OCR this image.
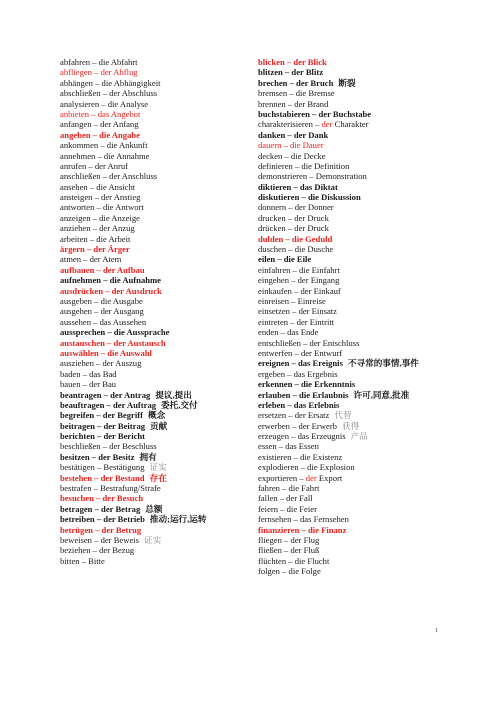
abfahren – die Abfahrt
abfliegen – der Abflug
abhängen – die Abhängigkeit
abschließen – der Abschluss
analysieren – die Analyse
anbieten – das Angebot
anfangen – der Anfang
angeben – die Angabe
ankommen – die Ankunft
annehmen – die Annahme
anrufen – der Anruf
anschließen – der Anschluss
ansehen – die Ansicht
ansteigen – der Anstieg
antworten – die Antwort
anzeigen – die Anzeige
anziehen – der Anzug
arbeiten – die Arbeit
ärgern – der Ärger
atmen – der Atem
aufbauen – der Aufbau
aufnehmen – die Aufnahme
ausdrücken – der Ausdruck
ausgeben – die Ausgabe
ausgehen – der Ausgang
aussehen – das Aussehen
aussprechen – die Aussprache
austauschen – der Austausch
auswählen – die Auswahl
ausziehen – der Auszug
baden – das Bad
bauen – der Bau
beantragen – der Antrag 提议,提出
beauftragen – der Auftrag 委托,交付
begreifen – der Begriff 概念
beitragen – der Beitrag 贡献
berichten – der Bericht
beschließen – der Beschluss
besitzen – der Besitz 拥有
bestätigen – Bestätigung 证实
bestehen – der Bestand 存在
bestrafen – Bestrafung/Strafe
besuchen – der Besuch
betragen – der Betrag 总额
betreiben – der Betrieb 推动;运行,运转
betrügen – der Betrug
beweisen – der Beweis 证实
beziehen – der Bezug
bitten – Bitte
blicken – der Blick
blitzen – der Blitz
brechen – der Bruch 断裂
bremsen – die Bremse
brennen – der Brand
buchstabieren – der Buchstabe
charakterisieren – der Charakter
danken – der Dank
dauern – die Dauer
decken – die Decke
definieren – die Definition
demonstrieren – Demonstration
diktieren – das Diktat
diskutieren – die Diskussion
donnern – der Donner
drucken – der Druck
drücken – der Druck
dulden – die Geduld
duschen – die Dusche
eilen – die Eile
einfahren – die Einfahrt
eingehen – der Eingang
einkaufen – der Einkauf
einreisen – Einreise
einsetzen – der Einsatz
eintreten – der Eintritt
enden – das Ende
entschließen – der Entschluss
entwerfen – der Entwurf
ereignen – das Ereignis 不寻常的事情,事件
ergeben – das Ergebnis
erkennen – die Erkenntnis
erlauben – die Erlaubnis 许可,同意,批准
erleben – das Erlebnis
ersetzen – der Ersatz 代替
erwerben – der Erwerb 获得
erzeugen – das Erzeugnis 产品
essen – das Essen
existieren – die Existenz
explodieren – die Explosion
exportieren – der Export
fahren – die Fahrt
fallen – der Fall
feiern – die Feier
fernsehen – das Fernsehen
finanzieren – die Finanz
fliegen – der Flug
fließen – der Fluß
flüchten – die Flucht
folgen – die Folge
1
